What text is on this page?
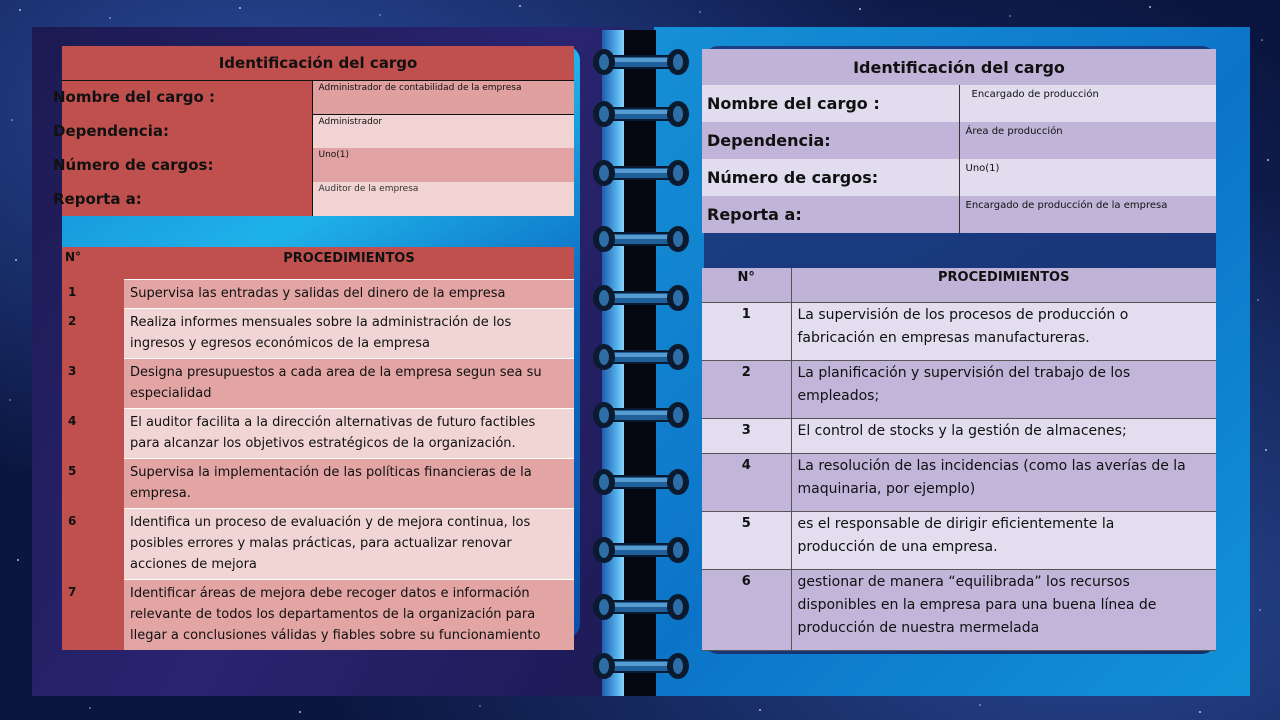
Identificación del cargo	
Nombre del cargo :	Administrador de contabilidad de la empresa
Dependencia:	Administrador
Número de cargos:	Uno(1)
Reporta a:	Auditor de la empresa
N°	PROCEDIMIENTOS
1	Supervisa las entradas y salidas del dinero de la empresa
2	Realiza informes mensuales sobre la administración de los
ingresos y egresos económicos de la empresa
3	Designa presupuestos a cada area de la empresa segun sea su
especialidad
4	El auditor facilita a la dirección alternativas de futuro factibles
para alcanzar los objetivos estratégicos de la organización.
5	Supervisa la implementación de las políticas financieras de la
empresa.
6	Identifica un proceso de evaluación y de mejora continua, los
posibles errores y malas prácticas, para actualizar renovar
acciones de mejora
7	Identificar áreas de mejora debe recoger datos e información
relevante de todos los departamentos de la organización para
llegar a conclusiones válidas y fiables sobre su funcionamiento
Identificación del cargo	
Nombre del cargo :	Encargado de producción
Dependencia:	Área de producción
Número de cargos:	Uno(1)
Reporta a:	Encargado de producción de la empresa
N°	PROCEDIMIENTOS
1	La supervisión de los procesos de producción o
fabricación en empresas manufactureras.
2	La planificación y supervisión del trabajo de los
empleados;
3	El control de stocks y la gestión de almacenes;
4	La resolución de las incidencias (como las averías de la
maquinaria, por ejemplo)
5	es el responsable de dirigir eficientemente la
producción de una empresa.
6	gestionar de manera “equilibrada” los recursos
disponibles en la empresa para una buena línea de
producción de nuestra mermelada
